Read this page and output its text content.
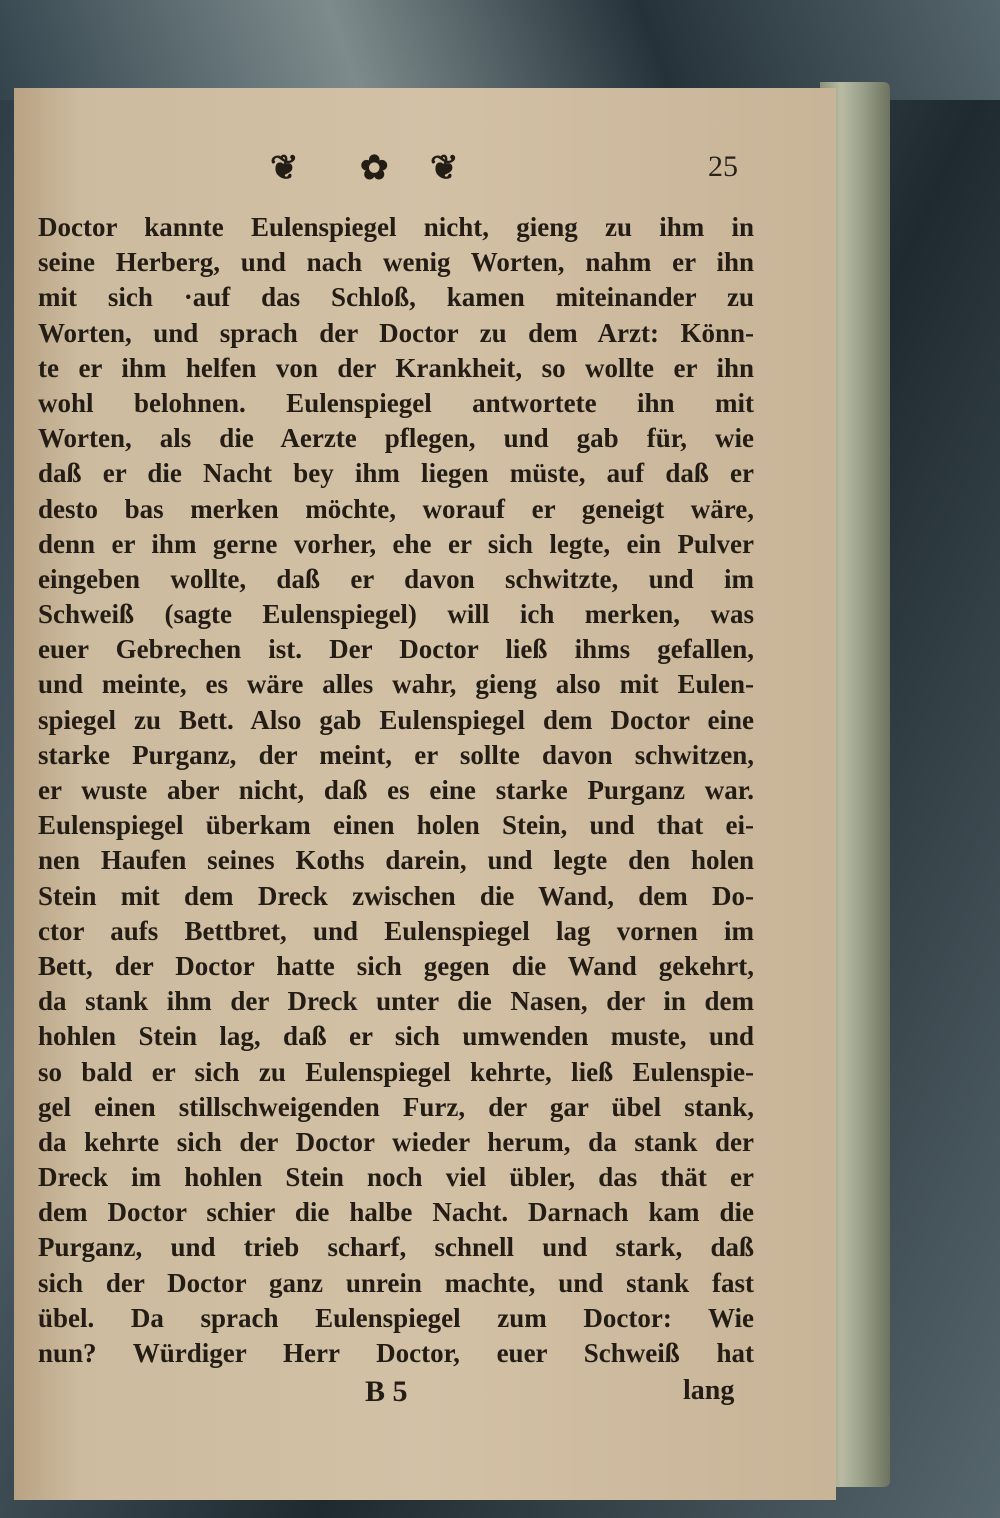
❦ ✿ ❦	25
Doctor kannte Eulenspiegel nicht, gieng zu ihm in
seine Herberg, und nach wenig Worten, nahm er ihn
mit sich ·auf das Schloß, kamen miteinander zu
Worten, und sprach der Doctor zu dem Arzt: Könn-
te er ihm helfen von der Krankheit, so wollte er ihn
wohl belohnen. Eulenspiegel antwortete ihn mit
Worten, als die Aerzte pflegen, und gab für, wie
daß er die Nacht bey ihm liegen müste, auf daß er
desto bas merken möchte, worauf er geneigt wäre,
denn er ihm gerne vorher, ehe er sich legte, ein Pulver
eingeben wollte, daß er davon schwitzte, und im
Schweiß (sagte Eulenspiegel) will ich merken, was
euer Gebrechen ist. Der Doctor ließ ihms gefallen,
und meinte, es wäre alles wahr, gieng also mit Eulen-
spiegel zu Bett. Also gab Eulenspiegel dem Doctor eine
starke Purganz, der meint, er sollte davon schwitzen,
er wuste aber nicht, daß es eine starke Purganz war.
Eulenspiegel überkam einen holen Stein, und that ei-
nen Haufen seines Koths darein, und legte den holen
Stein mit dem Dreck zwischen die Wand, dem Do-
ctor aufs Bettbret, und Eulenspiegel lag vornen im
Bett, der Doctor hatte sich gegen die Wand gekehrt,
da stank ihm der Dreck unter die Nasen, der in dem
hohlen Stein lag, daß er sich umwenden muste, und
so bald er sich zu Eulenspiegel kehrte, ließ Eulenspie-
gel einen stillschweigenden Furz, der gar übel stank,
da kehrte sich der Doctor wieder herum, da stank der
Dreck im hohlen Stein noch viel übler, das thät er
dem Doctor schier die halbe Nacht. Darnach kam die
Purganz, und trieb scharf, schnell und stark, daß
sich der Doctor ganz unrein machte, und stank fast
übel. Da sprach Eulenspiegel zum Doctor: Wie
nun? Würdiger Herr Doctor, euer Schweiß hat
B 5	lang
